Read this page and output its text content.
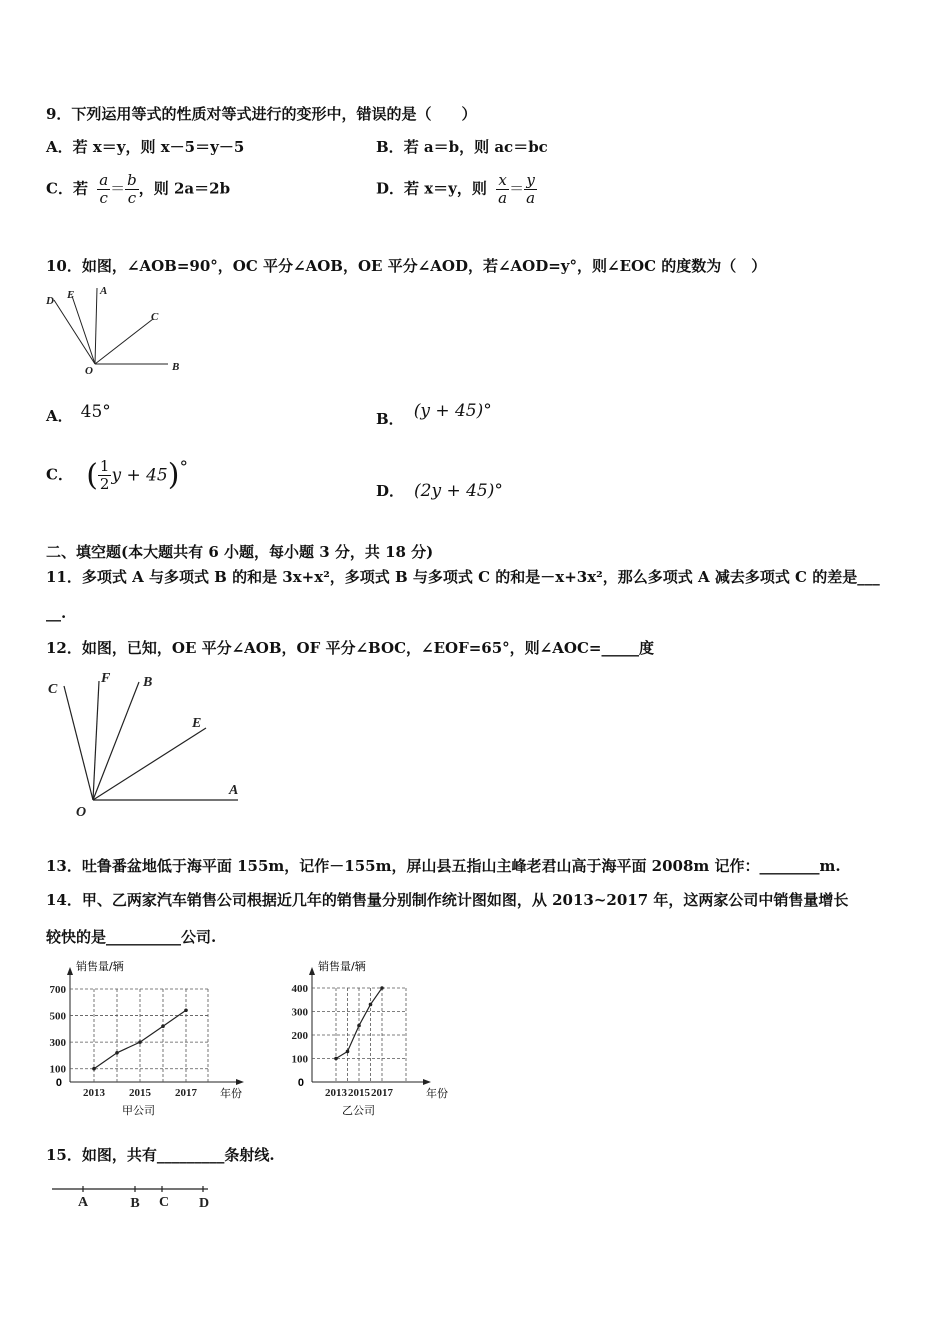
9．下列运用等式的性质对等式进行的变形中，错误的是（　　）
A．若 x＝y，则 x－5＝y－5	B．若 a＝b，则 ac＝bc
C．若 $\frac{a}{c} = \frac{b}{c}$ ，则 2a＝2b	D．若 x＝y，则 $\frac{x}{a} = \frac{y}{a}$
10．如图，∠AOB=90°，OC 平分∠AOB，OE 平分∠AOD，若∠AOD=y°，则∠EOC 的度数为（　）
D E A
C
O	B
A． 45°	B． (y + 45)°
C． ( $\frac{1}{2}$ y + 45)°
D． (2y + 45)°
二、填空题(本大题共有 6 小题，每小题 3 分，共 18 分)
11．多项式 A 与多项式 B 的和是 3x+x²，多项式 B 与多项式 C 的和是－x+3x²，那么多项式 A 减去多项式 C 的差是___
__.
12．如图，已知，OE 平分∠AOB，OF 平分∠BOC，∠EOF=65°，则∠AOC=_____度
C
F B
E
A
O
13．吐鲁番盆地低于海平面 155m，记作－155m，屏山县五指山主峰老君山高于海平面 2008m 记作：________m.
14．甲、乙两家汽车销售公司根据近几年的销售量分别制作统计图如图，从 2013~2017 年，这两家公司中销售量增长
较快的是__________公司.
销售量/辆
100
300
500
700
2013 2015 2017
0
年份
甲公司
销售量/辆
100
200
300
400
2013 2015 2017
0
年份
乙公司
15．如图，共有_________条射线.
A	B C D
